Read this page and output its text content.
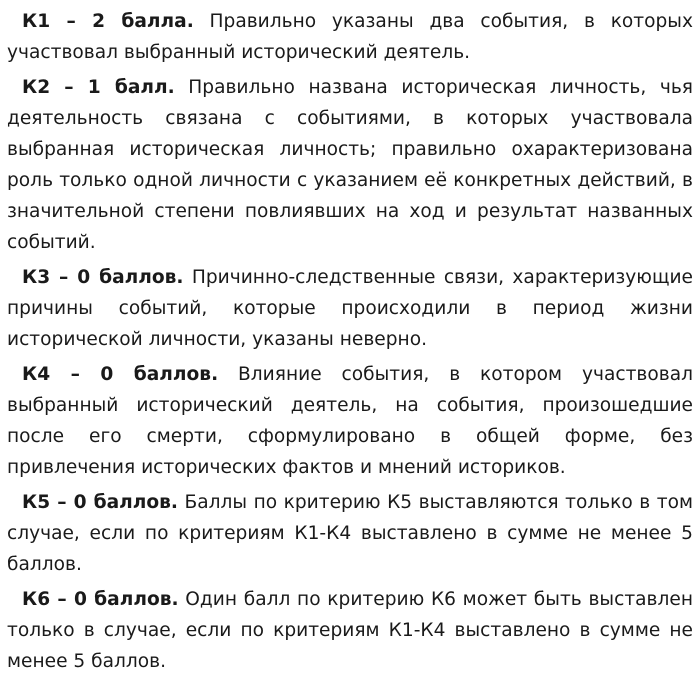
К1 – 2 балла. Правильно указаны два события, в которых участвовал выбранный исторический деятель.

К2 – 1 балл. Правильно названа историческая личность, чья деятельность связана с событиями, в которых участвовала выбранная историческая личность; правильно охарактеризована роль только одной личности с указанием её конкретных действий, в значительной степени повлиявших на ход и результат названных событий.

К3 – 0 баллов. Причинно-следственные связи, характеризующие причины событий, которые происходили в период жизни исторической личности, указаны неверно.

К4 – 0 баллов. Влияние события, в котором участвовал выбранный исторический деятель, на события, произошедшие после его смерти, сформулировано в общей форме, без привлечения исторических фактов и мнений историков.

К5 – 0 баллов. Баллы по критерию К5 выставляются только в том случае, если по критериям К1-К4 выставлено в сумме не менее 5 баллов.

К6 – 0 баллов. Один балл по критерию К6 может быть выставлен только в случае, если по критериям К1-К4 выставлено в сумме не менее 5 баллов.
